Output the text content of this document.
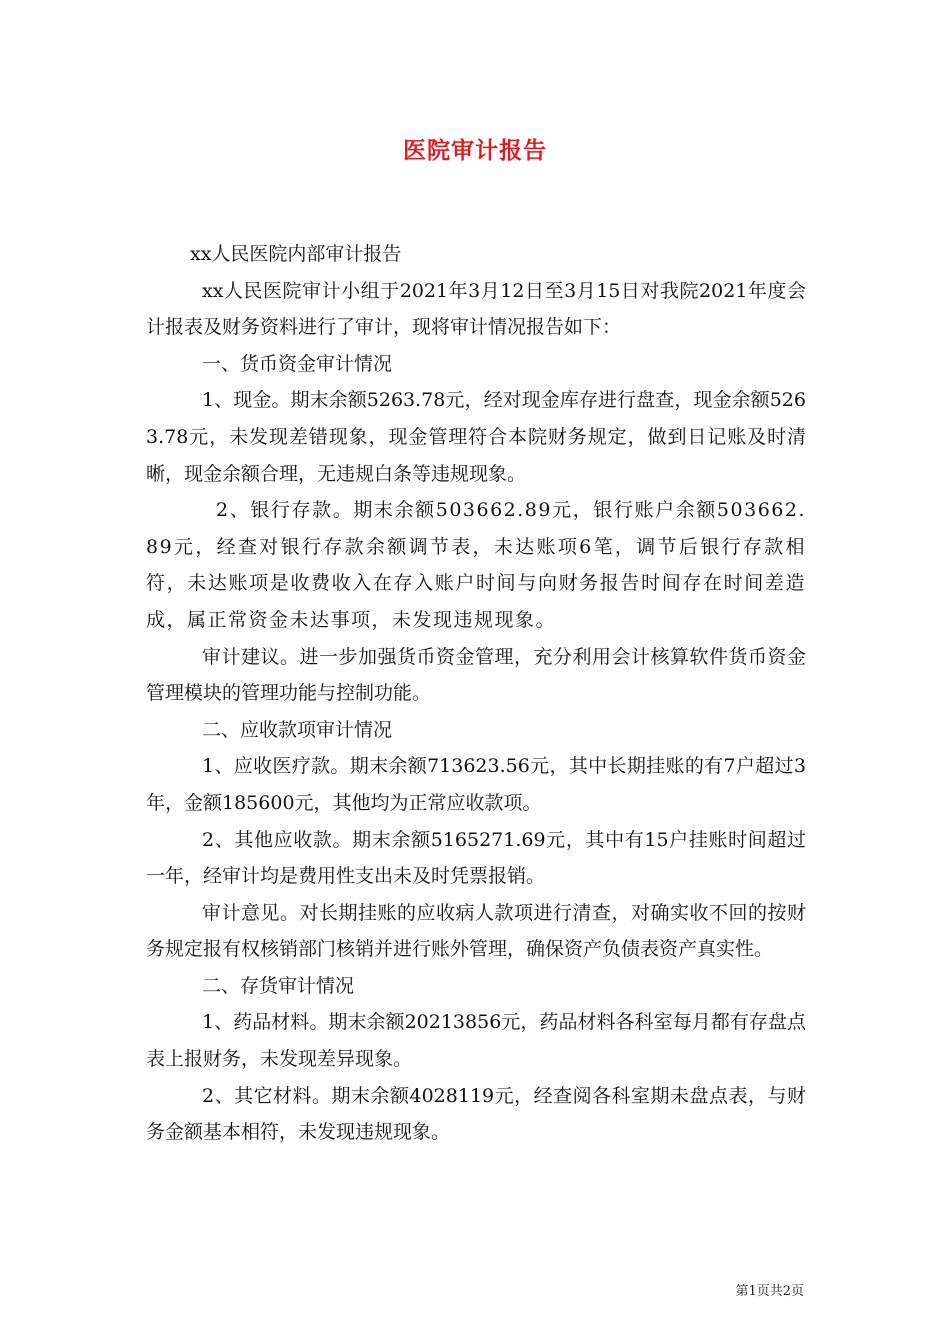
医院审计报告

xx人民医院内部审计报告

xx人民医院审计小组于2021年3月12日至3月15日对我院2021年度会计报表及财务资料进行了审计，现将审计情况报告如下：

一、货币资金审计情况

1、现金。期末余额5263.78元，经对现金库存进行盘查，现金余额5263.78元，未发现差错现象，现金管理符合本院财务规定，做到日记账及时清晰，现金余额合理，无违规白条等违规现象。

2、银行存款。期末余额503662.89元，银行账户余额503662.89元，经查对银行存款余额调节表，未达账项6笔，调节后银行存款相符，未达账项是收费收入在存入账户时间与向财务报告时间存在时间差造成，属正常资金未达事项，未发现违规现象。

审计建议。进一步加强货币资金管理，充分利用会计核算软件货币资金管理模块的管理功能与控制功能。

二、应收款项审计情况

1、应收医疗款。期末余额713623.56元，其中长期挂账的有7户超过3年，金额185600元，其他均为正常应收款项。

2、其他应收款。期末余额5165271.69元，其中有15户挂账时间超过一年，经审计均是费用性支出未及时凭票报销。

审计意见。对长期挂账的应收病人款项进行清查，对确实收不回的按财务规定报有权核销部门核销并进行账外管理，确保资产负债表资产真实性。

二、存货审计情况

1、药品材料。期末余额20213856元，药品材料各科室每月都有存盘点表上报财务，未发现差异现象。

2、其它材料。期末余额4028119元，经查阅各科室期未盘点表，与财务金额基本相符，未发现违规现象。

第1页共2页
